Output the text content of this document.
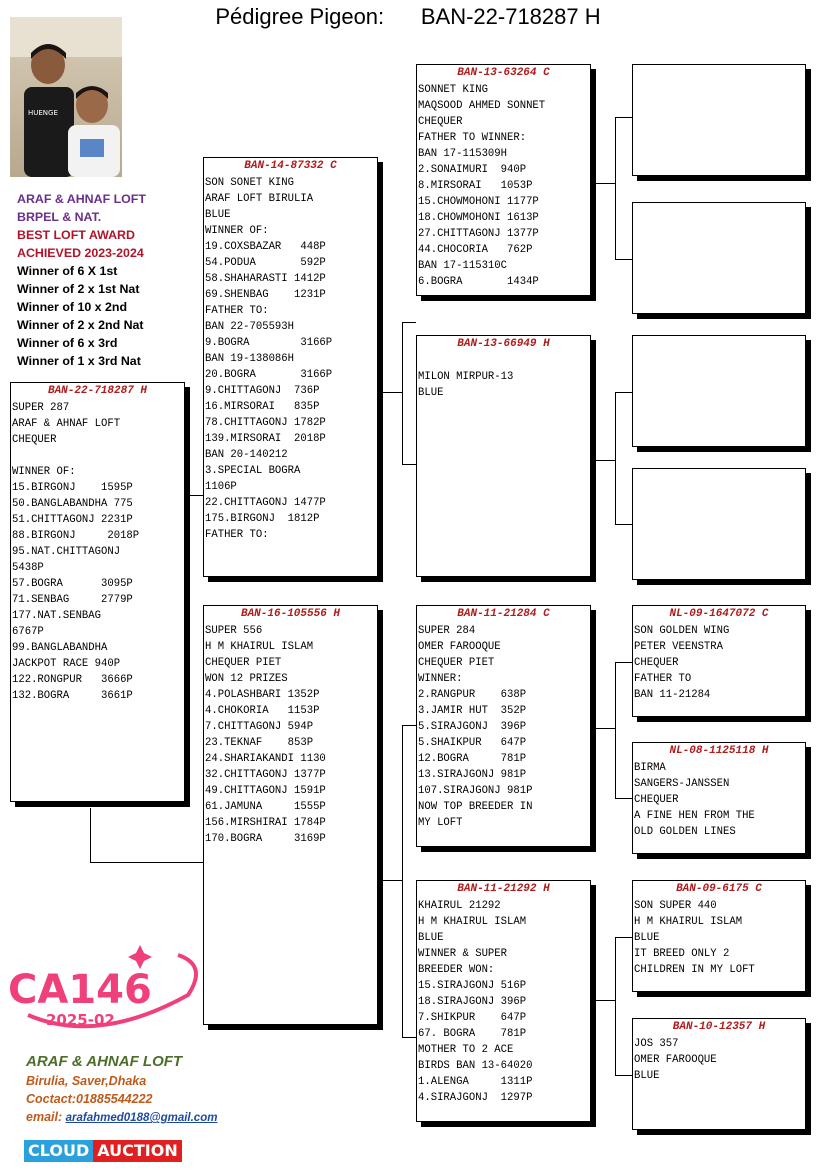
Pédigree Pigeon: BAN-22-718287 H
HUENGE
ARAF & AHNAF LOFT
BRPEL & NAT.
BEST LOFT AWARD
ACHIEVED 2023-2024
Winner of 6 X 1st
Winner of 2 x 1st Nat
Winner of 10 x 2nd
Winner of 2 x 2nd Nat
Winner of 6 x 3rd
Winner of 1 x 3rd Nat
BAN-22-718287 H
SUPER 287
ARAF & AHNAF LOFT
CHEQUER

WINNER OF:
15.BIRGONJ    1595P
50.BANGLABANDHA 775
51.CHITTAGONJ 2231P
88.BIRGONJ     2018P
95.NAT.CHITTAGONJ
5438P
57.BOGRA      3095P
71.SENBAG     2779P
177.NAT.SENBAG
6767P
99.BANGLABANDHA
JACKPOT RACE 940P
122.RONGPUR   3666P
132.BOGRA     3661P
BAN-14-87332 C
SON SONET KING
ARAF LOFT BIRULIA
BLUE
WINNER OF:
19.COXSBAZAR   448P
54.PODUA       592P
58.SHAHARASTI 1412P
69.SHENBAG    1231P
FATHER TO:
BAN 22-705593H
9.BOGRA        3166P
BAN 19-138086H
20.BOGRA       3166P
9.CHITTAGONJ  736P
16.MIRSORAI   835P
78.CHITTAGONJ 1782P
139.MIRSORAI  2018P
BAN 20-140212
3.SPECIAL BOGRA
1106P
22.CHITTAGONJ 1477P
175.BIRGONJ  1812P
FATHER TO:
BAN-16-105556 H
SUPER 556
H M KHAIRUL ISLAM
CHEQUER PIET
WON 12 PRIZES
4.POLASHBARI 1352P
4.CHOKORIA   1153P
7.CHITTAGONJ 594P
23.TEKNAF    853P
24.SHARIAKANDI 1130
32.CHITTAGONJ 1377P
49.CHITTAGONJ 1591P
61.JAMUNA     1555P
156.MIRSHIRAI 1784P
170.BOGRA     3169P
BAN-13-63264 C
SONNET KING
MAQSOOD AHMED SONNET
CHEQUER
FATHER TO WINNER:
BAN 17-115309H
2.SONAIMURI  940P
8.MIRSORAI   1053P
15.CHOWMOHONI 1177P
18.CHOWMOHONI 1613P
27.CHITTAGONJ 1377P
44.CHOCORIA   762P
BAN 17-115310C
6.BOGRA       1434P
BAN-13-66949 H

MILON MIRPUR-13
BLUE
BAN-11-21284 C
SUPER 284
OMER FAROOQUE
CHEQUER PIET
WINNER:
2.RANGPUR    638P
3.JAMIR HUT  352P
5.SIRAJGONJ  396P
5.SHAIKPUR   647P
12.BOGRA     781P
13.SIRAJGONJ 981P
107.SIRAJGONJ 981P
NOW TOP BREEDER IN
MY LOFT
BAN-11-21292 H
KHAIRUL 21292
H M KHAIRUL ISLAM
BLUE
WINNER & SUPER
BREEDER WON:
15.SIRAJGONJ 516P
18.SIRAJGONJ 396P
7.SHIKPUR    647P
67. BOGRA    781P
MOTHER TO 2 ACE
BIRDS BAN 13-64020
1.ALENGA     1311P
4.SIRAJGONJ  1297P
NL-09-1647072 C
SON GOLDEN WING
PETER VEENSTRA
CHEQUER
FATHER TO
BAN 11-21284
NL-08-1125118 H
BIRMA
SANGERS-JANSSEN
CHEQUER
A FINE HEN FROM THE
OLD GOLDEN LINES
BAN-09-6175 C
SON SUPER 440
H M KHAIRUL ISLAM
BLUE
IT BREED ONLY 2
CHILDREN IN MY LOFT
BAN-10-12357 H
JOS 357
OMER FAROOQUE
BLUE
CA146
2025-02
ARAF & AHNAF LOFT
Birulia, Saver,Dhaka
Coctact:01885544222
email: arafahmed0188@gmail.com
CLOUD AUCTION
